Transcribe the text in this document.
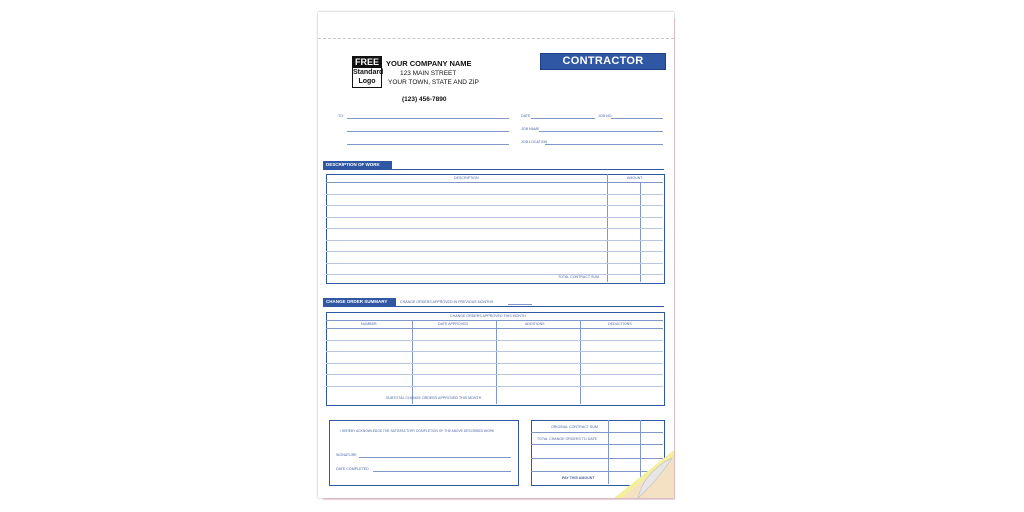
FREE
Standard
Logo
YOUR COMPANY NAME
123 MAIN STREET
YOUR TOWN, STATE AND ZIP
(123) 456-7890
CONTRACTOR INVOICE
TO:	DATE	JOB NO.
JOB NAME
JOB LOCATION
DESCRIPTION OF WORK
DESCRIPTION	AMOUNT
TOTAL CONTRACT SUM
CHANGE ORDER SUMMARY	CHANGE ORDERS APPROVED IN PREVIOUS MONTHS
CHANGE ORDERS APPROVED THIS MONTH
NUMBER	DATE APPROVED	ADDITIONS	DEDUCTIONS
SUBTOTAL CHANGE ORDERS APPROVED THIS MONTH
I HEREBY ACKNOWLEDGE THE SATISFACTORY COMPLETION OF THE ABOVE DESCRIBED WORK
SIGNATURE
DATE COMPLETED
ORIGINAL CONTRACT SUM
TOTAL CHANGE ORDERS TO DATE
PAY THIS AMOUNT
